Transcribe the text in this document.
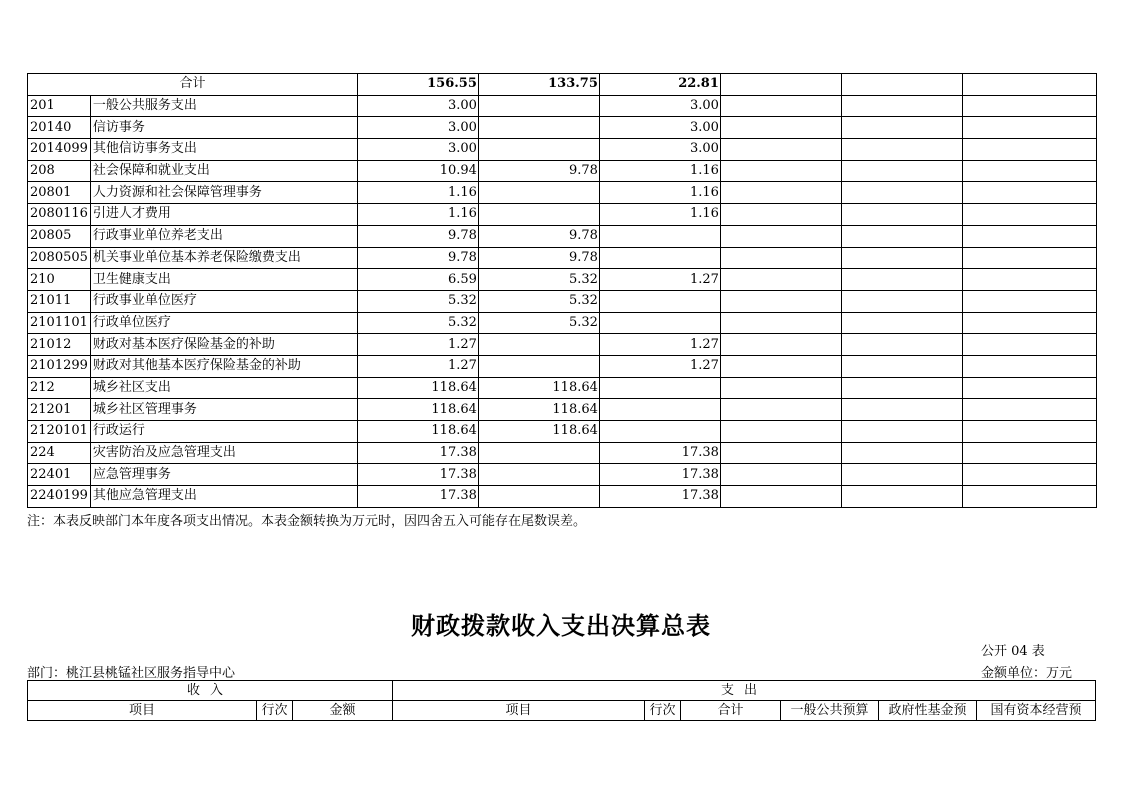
合计		156.55	133.75	22.81			
201	一般公共服务支出	3.00		3.00			
20140	信访事务	3.00		3.00			
2014099	其他信访事务支出	3.00		3.00			
208	社会保障和就业支出	10.94	9.78	1.16			
20801	人力资源和社会保障管理事务	1.16		1.16			
2080116	引进人才费用	1.16		1.16			
20805	行政事业单位养老支出	9.78	9.78				
2080505	机关事业单位基本养老保险缴费支出	9.78	9.78				
210	卫生健康支出	6.59	5.32	1.27			
21011	行政事业单位医疗	5.32	5.32				
2101101	行政单位医疗	5.32	5.32				
21012	财政对基本医疗保险基金的补助	1.27		1.27			
2101299	财政对其他基本医疗保险基金的补助	1.27		1.27			
212	城乡社区支出	118.64	118.64				
21201	城乡社区管理事务	118.64	118.64				
2120101	行政运行	118.64	118.64				
224	灾害防治及应急管理支出	17.38		17.38			
22401	应急管理事务	17.38		17.38			
2240199	其他应急管理支出	17.38		17.38			
注：本表反映部门本年度各项支出情况。本表金额转换为万元时，因四舍五入可能存在尾数误差。
财政拨款收入支出决算总表
公开 04 表
部门：桃江县桃锰社区服务指导中心	金额单位：万元
收入			支出					
项目	行次	金额	项目	行次	合计	一般公共预算	政府性基金预	国有资本经营预
